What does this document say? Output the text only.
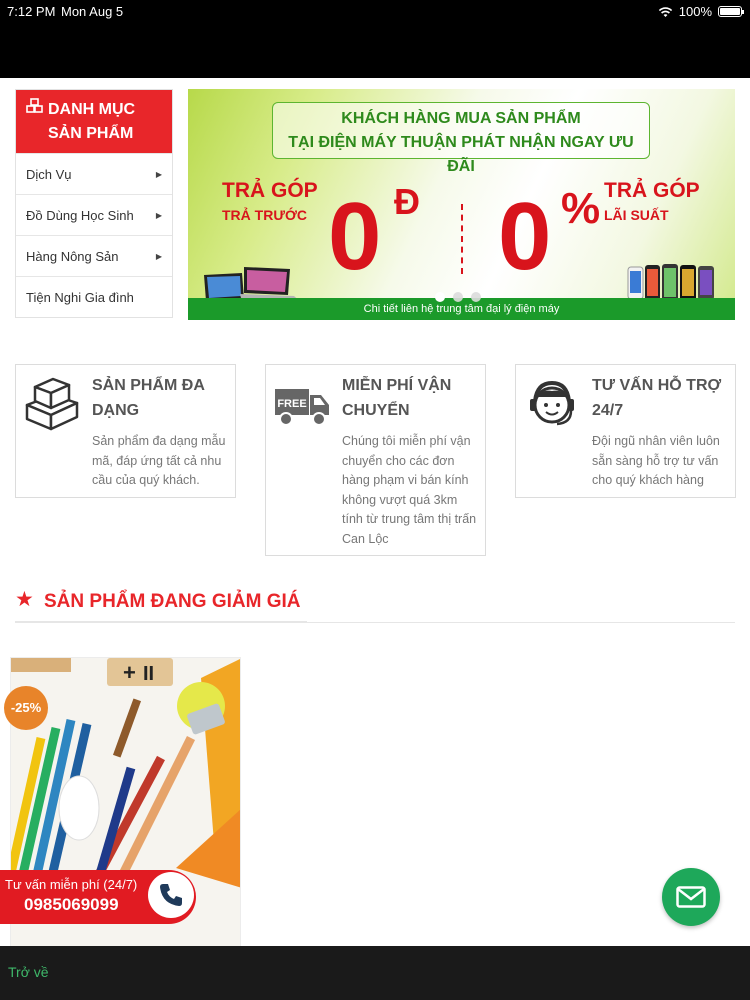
7:12 PM Mon Aug 5	100%
DANH MỤC SẢN PHẨM
Dịch Vụ	▶
Đồ Dùng Học Sinh	▶
Hàng Nông Sản	▶
Tiện Nghi Gia đình
KHÁCH HÀNG MUA SẢN PHẨM
TẠI ĐIỆN MÁY THUẬN PHÁT NHẬN NGAY ƯU ĐÃI
TRẢ GÓP
TRẢ TRƯỚC 0 Đ 0 % TRẢ GÓP
LÃI SUẤT
Chi tiết liên hệ trung tâm đại lý điện máy
SẢN PHẨM ĐA DẠNG
Sản phẩm đa dạng mẫu mã, đáp ứng tất cả nhu cầu của quý khách.
FREE
MIỄN PHÍ VẬN CHUYỂN
Chúng tôi miễn phí vận chuyển cho các đơn hàng phạm vi bán kính không vượt quá 3km tính từ trung tâm thị trấn Can Lộc
TƯ VẤN HỖ TRỢ 24/7
Đội ngũ nhân viên luôn sẵn sàng hỗ trợ tư vấn cho quý khách hàng
★ SẢN PHẨM ĐANG GIẢM GIÁ
+ II
-25%
Tư vấn miễn phí (24/7)
0985069099
Trở về
